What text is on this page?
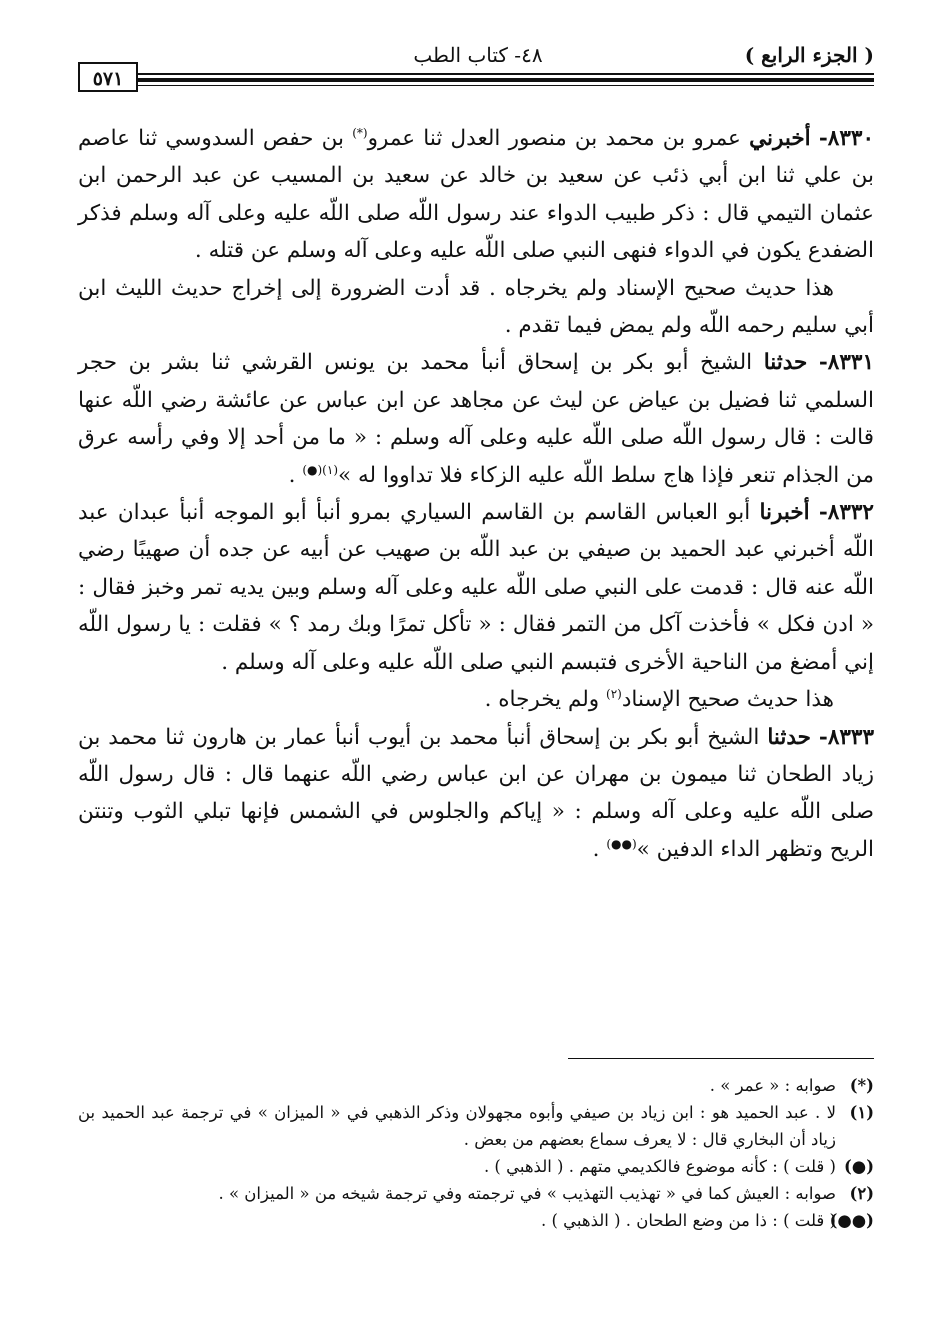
٥٧١
٤٨- كتاب الطب	( الجزء الرابع )

٨٣٣٠- أخبرني عمرو بن محمد بن منصور العدل ثنا عمرو(*) بن حفص السدوسي ثنا عاصم بن علي ثنا ابن أبي ذئب عن سعيد بن خالد عن سعيد بن المسيب عن عبد الرحمن ابن عثمان التيمي قال : ذكر طبيب الدواء عند رسول اللّه صلى اللّه عليه وعلى آله وسلم فذكر الضفدع يكون في الدواء فنهى النبي صلى اللّه عليه وعلى آله وسلم عن قتله .

هذا حديث صحيح الإسناد ولم يخرجاه . قد أدت الضرورة إلى إخراج حديث الليث ابن أبي سليم رحمه اللّه ولم يمض فيما تقدم .

٨٣٣١- حدثنا الشيخ أبو بكر بن إسحاق أنبأ محمد بن يونس القرشي ثنا بشر بن حجر السلمي ثنا فضيل بن عياض عن ليث عن مجاهد عن ابن عباس عن عائشة رضي اللّه عنها قالت : قال رسول اللّه صلى اللّه عليه وعلى آله وسلم : « ما من أحد إلا وفي رأسه عرق من الجذام تنعر فإذا هاج سلط اللّه عليه الزكاء فلا تداووا له »$^{(١)(●)}$ .

٨٣٣٢- أخبرنا أبو العباس القاسم بن القاسم السياري بمرو أنبأ أبو الموجه أنبأ عبدان عبد اللّه أخبرني عبد الحميد بن صيفي بن عبد اللّه بن صهيب عن أبيه عن جده أن صهيبًا رضي اللّه عنه قال : قدمت على النبي صلى اللّه عليه وعلى آله وسلم وبين يديه تمر وخبز فقال : « ادن فكل » فأخذت آكل من التمر فقال : « تأكل تمرًا وبك رمد ؟ » فقلت : يا رسول اللّه إني أمضغ من الناحية الأخرى فتبسم النبي صلى اللّه عليه وعلى آله وسلم .

هذا حديث صحيح الإسناد$^{(٢)}$ ولم يخرجاه .

٨٣٣٣- حدثنا الشيخ أبو بكر بن إسحاق أنبأ محمد بن أيوب أنبأ عمار بن هارون ثنا محمد بن زياد الطحان ثنا ميمون بن مهران عن ابن عباس رضي اللّه عنهما قال : قال رسول اللّه صلى اللّه عليه وعلى آله وسلم : « إياكم والجلوس في الشمس فإنها تبلي الثوب وتنتن الريح وتظهر الداء الدفين »(●●) .

(*)
صوابه : « عمر » .
(١)
لا . عبد الحميد هو : ابن زياد بن صيفي وأبوه مجهولان وذكر الذهبي في « الميزان » في ترجمة عبد الحميد بن زياد أن البخاري قال : لا يعرف سماع بعضهم من بعض .
(●)
( قلت ) : كأنه موضوع فالكديمي متهم . ( الذهبي ) .
(٢)
صوابه : العيش كما في « تهذيب التهذيب » في ترجمته وفي ترجمة شيخه من « الميزان » .
(●●)
( قلت ) : ذا من وضع الطحان . ( الذهبي ) .
